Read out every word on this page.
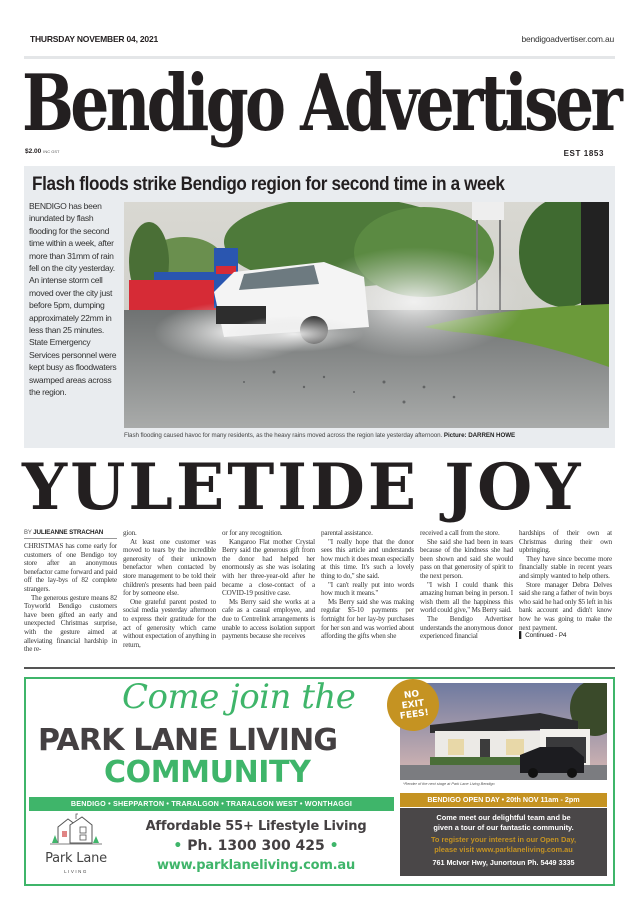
THURSDAY NOVEMBER 04, 2021	bendigoadvertiser.com.au
Bendigo Advertiser
EST 1853
$2.00 INC GST
Flash floods strike Bendigo region for second time in a week

BENDIGO has been inundated by flash flooding for the second time within a week, after more than 31mm of rain fell on the city yesterday. An intense storm cell moved over the city just before 5pm, dumping approximately 22mm in less than 25 minutes. State Emergency Services personnel were kept busy as floodwaters swamped areas across the region.

Flash flooding caused havoc for many residents, as the heavy rains moved across the region late yesterday afternoon. Picture: DARREN HOWE

YULETIDE JOY
BY JULIEANNE STRACHAN

CHRISTMAS has come early for customers of one Bendigo toy store after an anonymous benefactor came forward and paid off the lay-bys of 82 complete strangers.

The generous gesture means 82 Toyworld Bendigo customers have been gifted an early and unexpected Christmas surprise, with the gesture aimed at alleviating financial hardship in the re-

gion.

At least one customer was moved to tears by the incredible generosity of their unknown benefactor when contacted by store management to be told their children's presents had been paid for by someone else.

One grateful parent posted to social media yesterday afternoon to express their gratitude for the act of generosity which came without expectation of anything in return,

or for any recognition.

Kangaroo Flat mother Crystal Berry said the generous gift from the donor had helped her enormously as she was isolating with her three-year-old after he became a close-contact of a COVID-19 positive case.

Ms Berry said she works at a cafe as a casual employee, and due to Centrelink arrangements is unable to access isolation support payments because she receives

parental assistance.

"I really hope that the donor sees this article and understands how much it does mean especially at this time. It's such a lovely thing to do," she said.

"I can't really put into words how much it means."

Ms Berry said she was making regular $5-10 payments per fortnight for her lay-by purchases for her son and was worried about affording the gifts when she

received a call from the store.

She said she had been in tears because of the kindness she had been shown and said she would pass on that generosity of spirit to the next person.

"I wish I could thank this amazing human being in person. I wish them all the happiness this world could give," Ms Berry said.

The Bendigo Advertiser understands the anonymous donor experienced financial

hardships of their own at Christmas during their own upbringing.

They have since become more financially stable in recent years and simply wanted to help others.

Store manager Debra Delves said she rang a father of twin boys who said he had only $5 left in his bank account and didn't know how he was going to make the next payment.

▌ Continued - P4
Come join the
PARK LANE LIVING
COMMUNITY
BENDIGO • SHEPPARTON • TRARALGON • TRARALGON WEST • WONTHAGGI
Park Lane
LIVING
Affordable 55+ Lifestyle Living
• Ph. 1300 300 425 •
www.parklaneliving.com.au
*Render of the next stage at Park Lane Living Bendigo
NO
EXIT
FEES!
BENDIGO OPEN DAY • 20th NOV 11am - 2pm
Come meet our delightful team and be
given a tour of our fantastic community.
To register your interest in our Open Day,
please visit www.parklaneliving.com.au
761 McIvor Hwy, Junortoun Ph. 5449 3335
